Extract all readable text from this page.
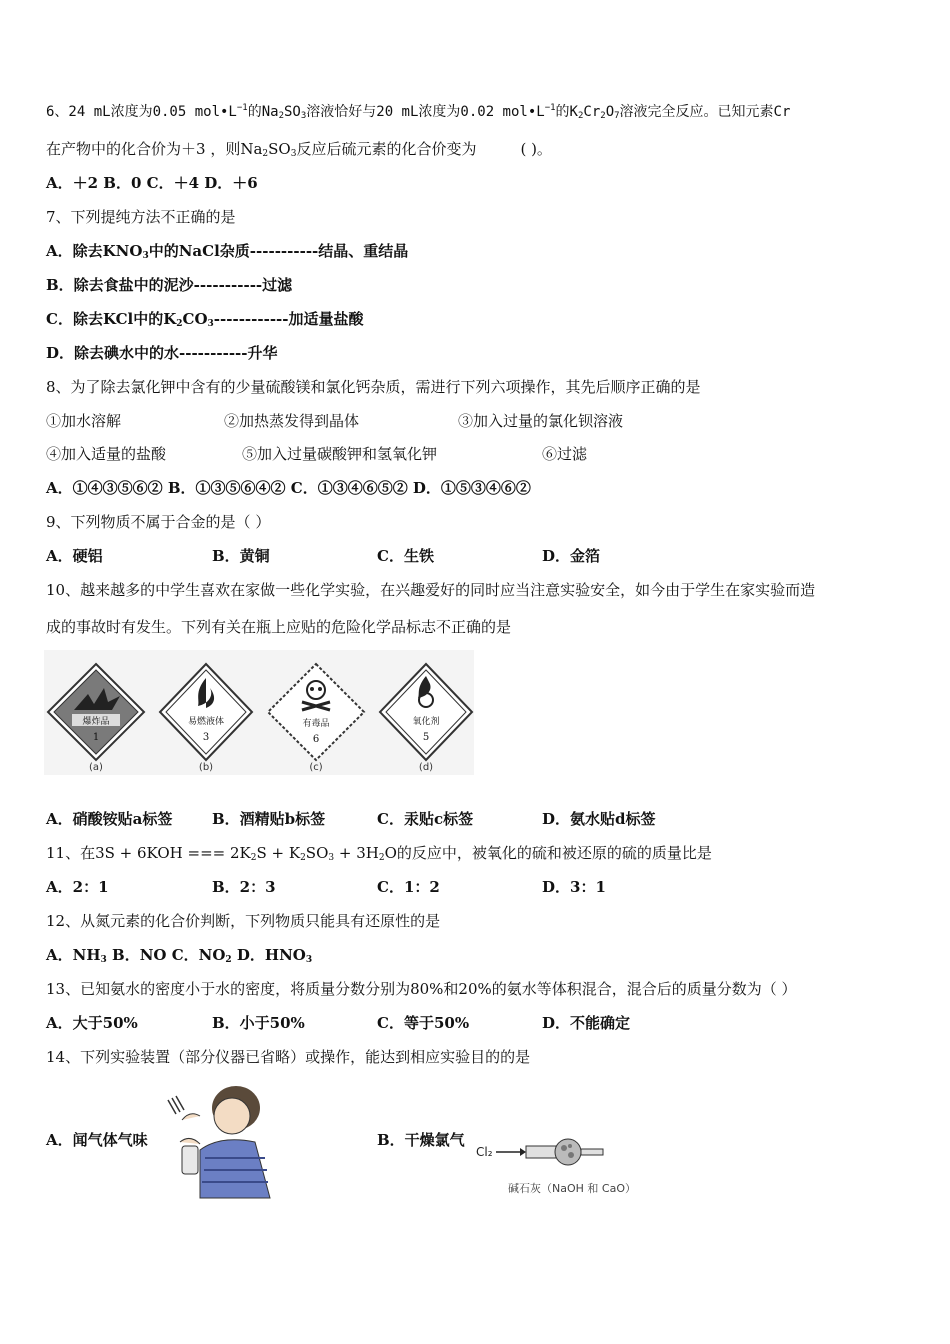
6、24 mL浓度为0.05 $mol•L^{-1}$的$Na_2SO_3$溶液恰好与20 mL浓度为0.02 $mol•L^{-1}$的$K_2Cr_2O_7$溶液完全反应。已知元素Cr
在产物中的化合价为＋3 ，则$Na_2SO_3$反应后硫元素的化合价变为	( )。
A．＋2 B．0 C．＋4 D．＋6
7、下列提纯方法不正确的是
A．除去$KNO_3$中的NaCl杂质-----------结晶、重结晶
B．除去食盐中的泥沙-----------过滤
C．除去KCl中的$K_2CO_3------------$加适量盐酸
D．除去碘水中的水-----------升华
8、为了除去氯化钾中含有的少量硫酸镁和氯化钙杂质，需进行下列六项操作，其先后顺序正确的是
①加水溶解	②加热蒸发得到晶体	③加入过量的氯化钡溶液
④加入适量的盐酸	⑤加入过量碳酸钾和氢氧化钾	⑥过滤
A．①④③⑤⑥② B．①③⑤⑥④② C．①③④⑥⑤② D．①⑤③④⑥②
9、下列物质不属于合金的是（ ）
A．硬铝	B．黄铜	C．生铁	D．金箔
10、越来越多的中学生喜欢在家做一些化学实验，在兴趣爱好的同时应当注意实验安全，如今由于学生在家实验而造
成的事故时有发生。下列有关在瓶上应贴的危险化学品标志不正确的是
爆炸品
1
(a)
易燃液体
3
(b)
有毒品
6
(c)
氧化剂
5
(d)
A．硝酸铵贴a标签	B．酒精贴b标签	C．汞贴c标签	D．氨水贴d标签
11、在3S + 6KOH === $2K_2S + K_2SO_3 + 3H_2O$的反应中，被氧化的硫和被还原的硫的质量比是
A．2：1	B．2：3	C．1：2	D．3：1
12、从氮元素的化合价判断，下列物质只能具有还原性的是
A．$NH_3$ B．NO C．$NO_2$ D．$HNO_3$
13、已知氨水的密度小于水的密度，将质量分数分别为80%和20%的氨水等体积混合，混合后的质量分数为（ ）
A．大于50%	B．小于50%	C．等于50%	D．不能确定
14、下列实验装置（部分仪器已省略）或操作，能达到相应实验目的的是
A．闻气体气味	B．干燥氯气
Cl₂
碱石灰（NaOH 和 CaO）
